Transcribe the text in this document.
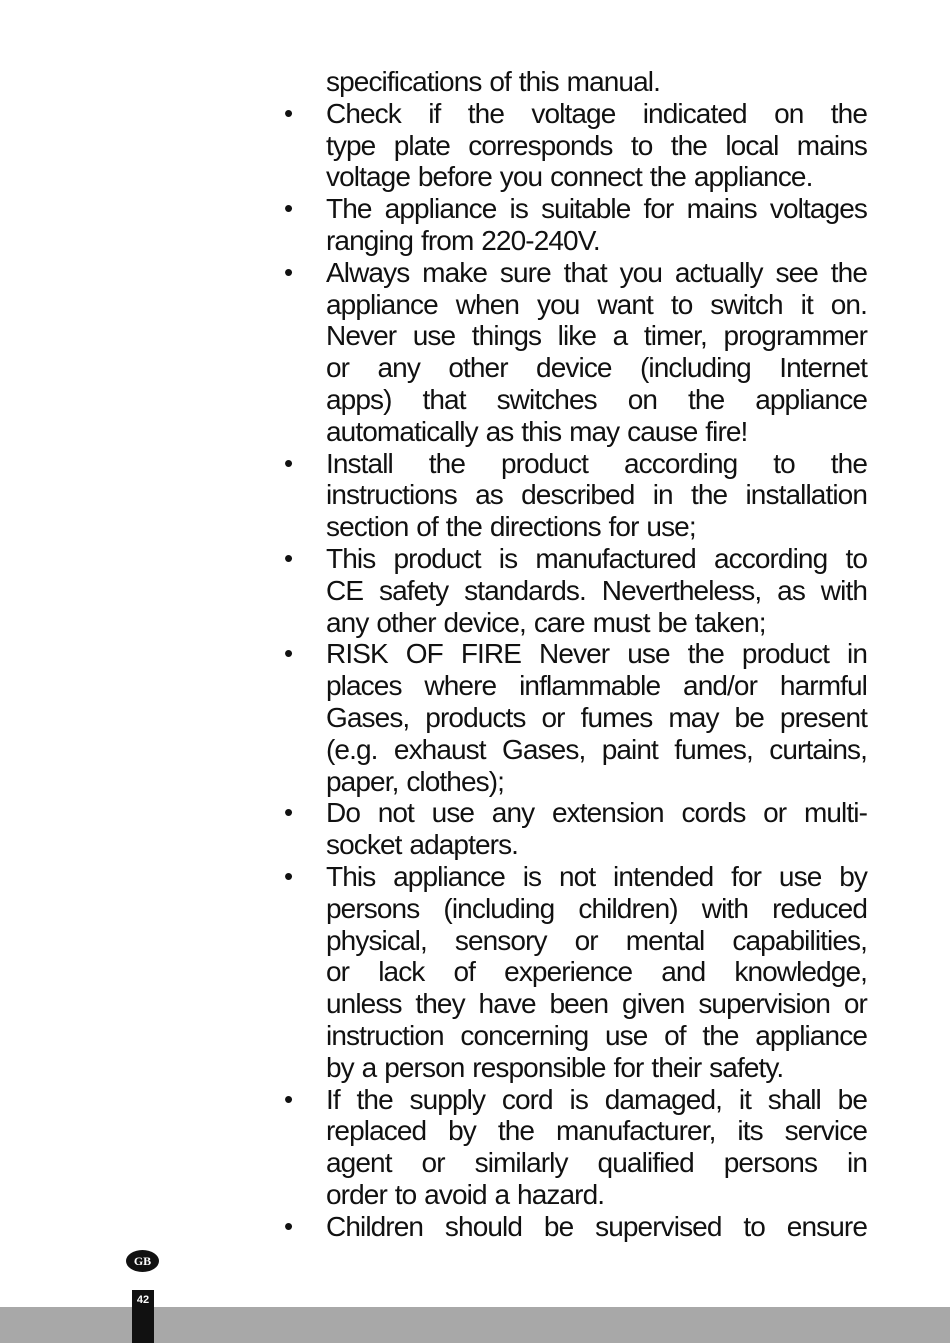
specifications of this manual.
•	Check if the voltage indicated on the
type plate corresponds to the local mains
voltage before you connect the appliance.
•	The appliance is suitable for mains voltages
ranging from 220-240V.
•	Always make sure that you actually see the
appliance when you want to switch it on.
Never use things like a timer, programmer
or any other device (including Internet
apps) that switches on the appliance
automatically as this may cause fire!
•	Install the product according to the
instructions as described in the installation
section of the directions for use;
•	This product is manufactured according to
CE safety standards. Nevertheless, as with
any other device, care must be taken;
•	RISK OF FIRE Never use the product in
places where inflammable and/or harmful
Gases, products or fumes may be present
(e.g. exhaust Gases, paint fumes, curtains,
paper, clothes);
•	Do not use any extension cords or multi-
socket adapters.
•	This appliance is not intended for use by
persons (including children) with reduced
physical, sensory or mental capabilities,
or lack of experience and knowledge,
unless they have been given supervision or
instruction concerning use of the appliance
by a person responsible for their safety.
•	If the supply cord is damaged, it shall be
replaced by the manufacturer, its service
agent or similarly qualified persons in
order to avoid a hazard.
•	Children should be supervised to ensure
GB
42
